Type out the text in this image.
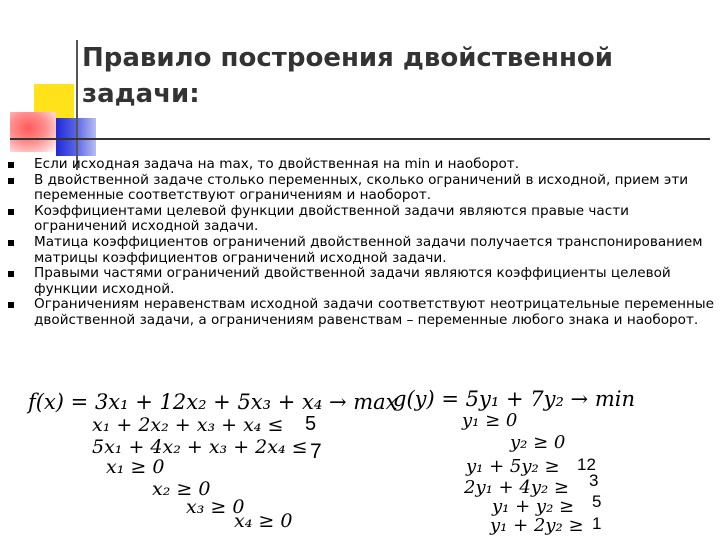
Правило построения двойственной
задачи:
Если исходная задача на max, то двойственная на min и наоборот.
В двойственной задаче столько переменных, сколько ограничений в исходной, прием эти переменные соответствуют ограничениям и наоборот.
Коэффициентами целевой функции двойственной задачи являются правые части ограничений исходной задачи.
Матица коэффициентов ограничений двойственной задачи получается транспонированием матрицы коэффициентов ограничений исходной задачи.
Правыми частями ограничений двойственной задачи являются коэффициенты целевой функции исходной.
Ограничениям неравенствам исходной задачи соответствуют неотрицательные переменные двойственной задачи, а ограничениям равенствам – переменные любого знака и наоборот.
f(x) = 3x₁ + 12x₂ + 5x₃ + x₄ → max
x₁ + 2x₂ + x₃ + x₄ ≤ 5
5x₁ + 4x₂ + x₃ + 2x₄ ≤ 7
x₁ ≥ 0
x₂ ≥ 0
x₃ ≥ 0
x₄ ≥ 0
g(y) = 5y₁ + 7y₂ → min
y₁ ≥ 0
y₂ ≥ 0
y₁ + 5y₂ ≥ 12
2y₁ + 4y₂ ≥ 3
y₁ + y₂ ≥ 5
y₁ + 2y₂ ≥ 1
